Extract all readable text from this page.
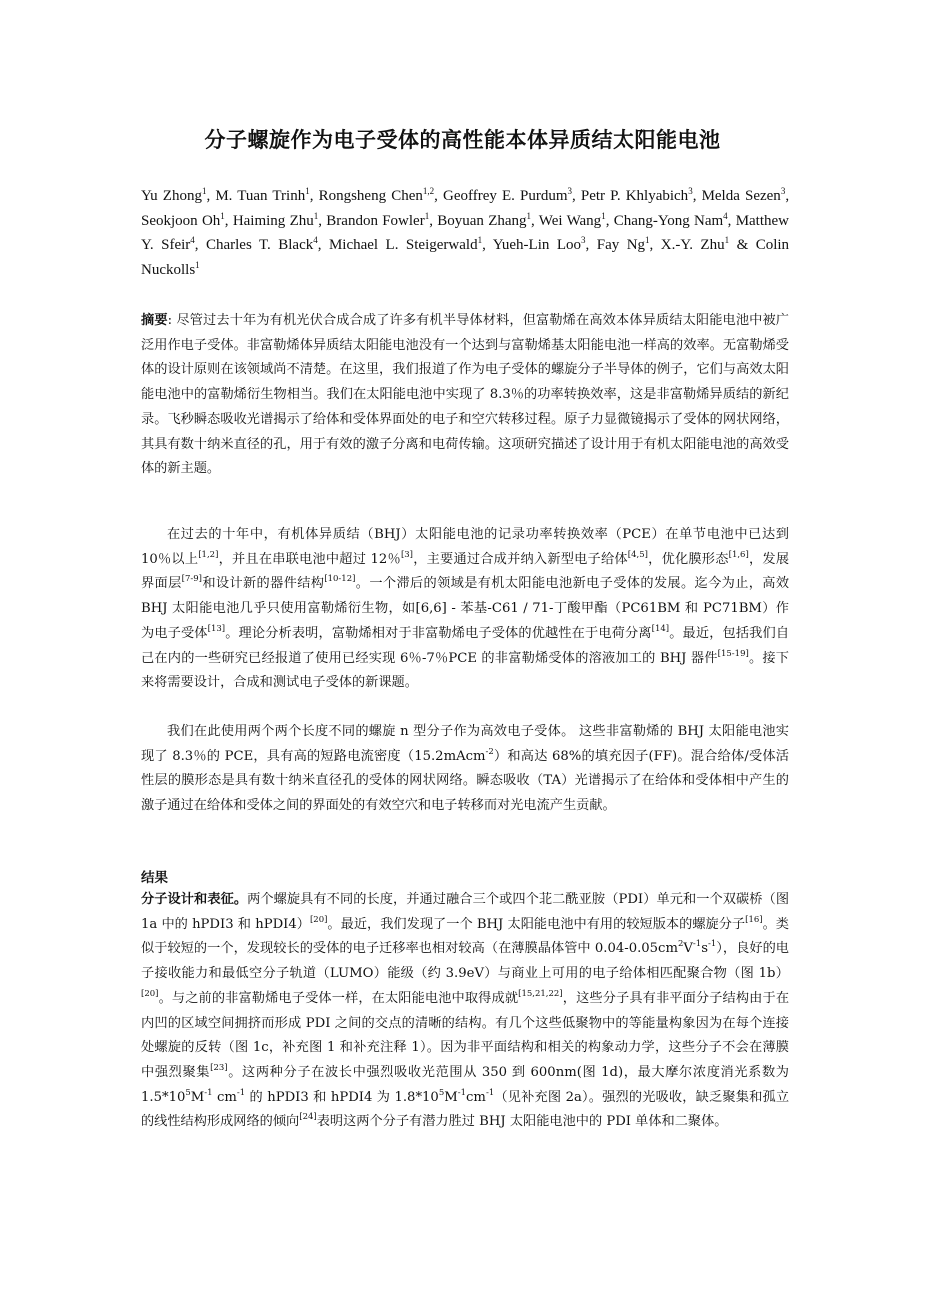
分子螺旋作为电子受体的高性能本体异质结太阳能电池
Yu Zhong$^1$, M. Tuan Trinh$^1$, Rongsheng Chen$^{1,2}$, Geoffrey E. Purdum$^3$, Petr P. Khlyabich$^3$, Melda Sezen$^3$, Seokjoon Oh$^1$, Haiming Zhu$^1$, Brandon Fowler$^1$, Boyuan Zhang$^1$, Wei Wang$^1$, Chang-Yong Nam$^4$, Matthew Y. Sfeir$^4$, Charles T. Black$^4$, Michael L. Steigerwald$^1$, Yueh-Lin Loo$^3$, Fay Ng$^1$, X.-Y. Zhu$^1$ & Colin Nuckolls$^1$

摘要: 尽管过去十年为有机光伏合成合成了许多有机半导体材料，但富勒烯在高效本体异质结太阳能电池中被广泛用作电子受体。非富勒烯体异质结太阳能电池没有一个达到与富勒烯基太阳能电池一样高的效率。无富勒烯受体的设计原则在该领域尚不清楚。在这里，我们报道了作为电子受体的螺旋分子半导体的例子，它们与高效太阳能电池中的富勒烯衍生物相当。我们在太阳能电池中实现了 8.3％的功率转换效率，这是非富勒烯异质结的新纪录。飞秒瞬态吸收光谱揭示了给体和受体界面处的电子和空穴转移过程。原子力显微镜揭示了受体的网状网络，其具有数十纳米直径的孔，用于有效的激子分离和电荷传输。这项研究描述了设计用于有机太阳能电池的高效受体的新主题。

在过去的十年中，有机体异质结（BHJ）太阳能电池的记录功率转换效率（PCE）在单节电池中已达到 10％以上[1,2]，并且在串联电池中超过 12％[3]，主要通过合成并纳入新型电子给体[4,5]，优化膜形态[1,6]，发展界面层[7-9]和设计新的器件结构[10-12]。一个滞后的领域是有机太阳能电池新电子受体的发展。迄今为止，高效 BHJ 太阳能电池几乎只使用富勒烯衍生物，如[6,6] - 苯基-C61 / 71-丁酸甲酯（PC61BM 和 PC71BM）作为电子受体[13]。理论分析表明，富勒烯相对于非富勒烯电子受体的优越性在于电荷分离[14]。最近，包括我们自己在内的一些研究已经报道了使用已经实现 6％-7％PCE 的非富勒烯受体的溶液加工的 BHJ 器件[15-19]。接下来将需要设计，合成和测试电子受体的新课题。
我们在此使用两个两个长度不同的螺旋 n 型分子作为高效电子受体。 这些非富勒烯的 BHJ 太阳能电池实现了 8.3％的 PCE，具有高的短路电流密度（15.2mAcm$^{-2}$）和高达 68%的填充因子(FF)。混合给体/受体活性层的膜形态是具有数十纳米直径孔的受体的网状网络。瞬态吸收（TA）光谱揭示了在给体和受体相中产生的激子通过在给体和受体之间的界面处的有效空穴和电子转移而对光电流产生贡献。
结果
分子设计和表征。两个螺旋具有不同的长度，并通过融合三个或四个苝二酰亚胺（PDI）单元和一个双碳桥（图 1a 中的 hPDI3 和 hPDI4）[20]。最近，我们发现了一个 BHJ 太阳能电池中有用的较短版本的螺旋分子[16]。类似于较短的一个，发现较长的受体的电子迁移率也相对较高（在薄膜晶体管中 $0.04-0.05cm^2V^{-1}s^{-1}$），良好的电子接收能力和最低空分子轨道（LUMO）能级（约 3.9eV）与商业上可用的电子给体相匹配聚合物（图 1b）[20]。与之前的非富勒烯电子受体一样，在太阳能电池中取得成就[15,21,22]，这些分子具有非平面分子结构由于在内凹的区域空间拥挤而形成 PDI 之间的交点的清晰的结构。有几个这些低聚物中的等能量构象因为在每个连接处螺旋的反转（图 1c，补充图 1 和补充注释 1）。因为非平面结构和相关的构象动力学，这些分子不会在薄膜中强烈聚集[23]。这两种分子在波长中强烈吸收光范围从 350 到 600nm(图 1d)，最大摩尔浓度消光系数为 $1.5*10^5M^{-1}$ $cm^{-1}$ 的 hPDI3 和 hPDI4 为 $1.8*10^5M^{-1}cm^{-1}$（见补充图 2a）。强烈的光吸收，缺乏聚集和孤立的线性结构形成网络的倾向[24]表明这两个分子有潜力胜过 BHJ 太阳能电池中的 PDI 单体和二聚体。
